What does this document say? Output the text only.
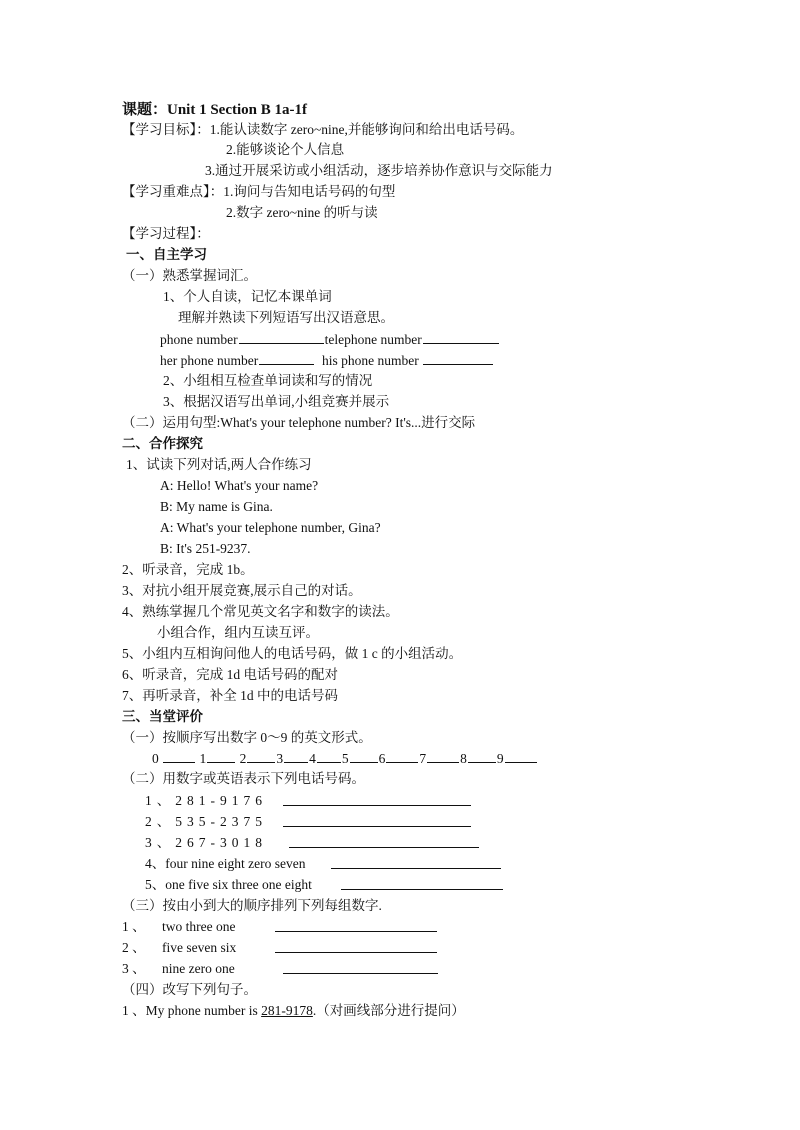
课题：Unit 1 Section B 1a-1f
【学习目标】：1.能认读数字 zero~nine,并能够询问和给出电话号码。
2.能够谈论个人信息
3.通过开展采访或小组活动，逐步培养协作意识与交际能力
【学习重难点】：1.询问与告知电话号码的句型
2.数字 zero~nine 的听与读
【学习过程】：
一、自主学习
（一）熟悉掌握词汇。
1、个人自读，记忆本课单词
理解并熟读下列短语写出汉语意思。
phone number	telephone number
her phone number	his phone number
2、小组相互检查单词读和写的情况
3、根据汉语写出单词,小组竞赛并展示
（二）运用句型:What's your telephone number? It's...进行交际
二、合作探究
1、试读下列对话,两人合作练习
A: Hello! What's your name?
B: My name is Gina.
A: What's your telephone number, Gina?
B: It's 251-9237.
2、听录音，完成 1b。
3、对抗小组开展竞赛,展示自己的对话。
4、熟练掌握几个常见英文名字和数字的读法。
小组合作，组内互读互评。
5、小组内互相询问他人的电话号码，做 1 c 的小组活动。
6、听录音，完成 1d 电话号码的配对
7、再听录音，补全 1d 中的电话号码
三、当堂评价
（一）按顺序写出数字 0～9 的英文形式。
0	1 2 3 4 5 6	7	8 9
（二）用数字或英语表示下列电话号码。
1、281-9176
2、535-2375
3、267-3018
4、four nine eight zero seven
5、one five six three one eight
（三）按由小到大的顺序排列下列每组数字.
1 、 two three one
2 、 five seven six
3 、 nine zero one
（四）改写下列句子。
1 、My phone number is 281-9178.（对画线部分进行提问）
